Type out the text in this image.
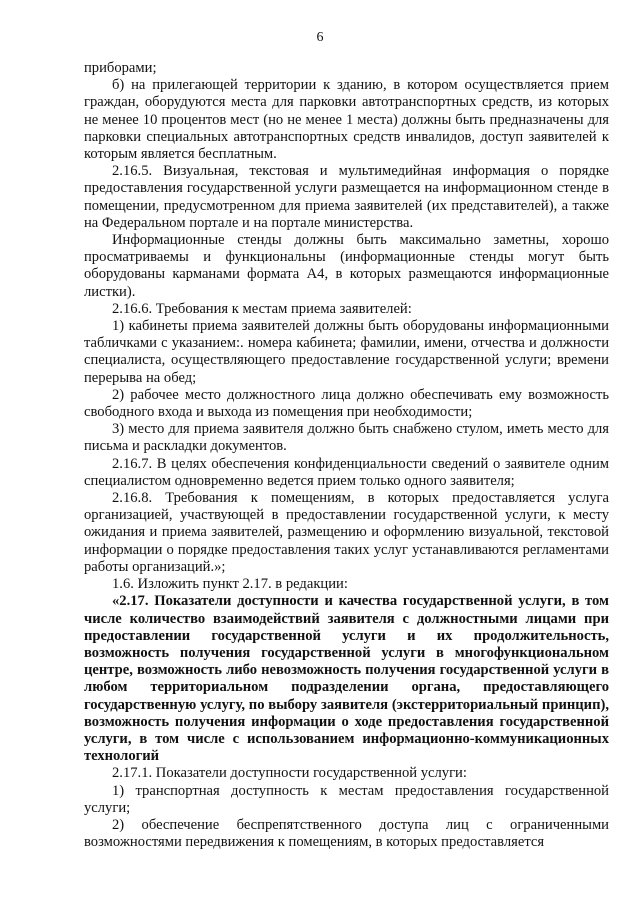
6

приборами;

б) на прилегающей территории к зданию, в котором осуществляется прием граждан, оборудуются места для парковки автотранспортных средств, из которых не менее 10 процентов мест (но не менее 1 места) должны быть предназначены для парковки специальных автотранспортных средств инвалидов, доступ заявителей к которым является бесплатным.

2.16.5. Визуальная, текстовая и мультимедийная информация о порядке предоставления государственной услуги размещается на информационном стенде в помещении, предусмотренном для приема заявителей (их представителей), а также на Федеральном портале и на портале министерства.

Информационные стенды должны быть максимально заметны, хорошо просматриваемы и функциональны (информационные стенды могут быть оборудованы карманами формата А4, в которых размещаются информационные листки).

2.16.6. Требования к местам приема заявителей:

1) кабинеты приема заявителей должны быть оборудованы информационными табличками с указанием:. номера кабинета; фамилии, имени, отчества и должности специалиста, осуществляющего предоставление государственной услуги; времени перерыва на обед;

2) рабочее место должностного лица должно обеспечивать ему возможность свободного входа и выхода из помещения при необходимости;

3) место для приема заявителя должно быть снабжено стулом, иметь место для письма и раскладки документов.

2.16.7. В целях обеспечения конфиденциальности сведений о заявителе одним специалистом одновременно ведется прием только одного заявителя;

2.16.8. Требования к помещениям, в которых предоставляется услуга организацией, участвующей в предоставлении государственной услуги, к месту ожидания и приема заявителей, размещению и оформлению визуальной, текстовой информации о порядке предоставления таких услуг устанавливаются регламентами работы организаций.»;

1.6. Изложить пункт 2.17. в редакции:

«2.17. Показатели доступности и качества государственной услуги, в том числе количество взаимодействий заявителя с должностными лицами при предоставлении государственной услуги и их продолжительность, возможность получения государственной услуги в многофункциональном центре, возможность либо невозможность получения государственной услуги в любом территориальном подразделении органа, предоставляющего государственную услугу, по выбору заявителя (экстерриториальный принцип), возможность получения информации о ходе предоставления государственной услуги, в том числе с использованием информационно-коммуникационных технологий

2.17.1. Показатели доступности государственной услуги:

1) транспортная доступность к местам предоставления государственной услуги;

2) обеспечение беспрепятственного доступа лиц с ограниченными возможностями передвижения к помещениям, в которых предоставляется
